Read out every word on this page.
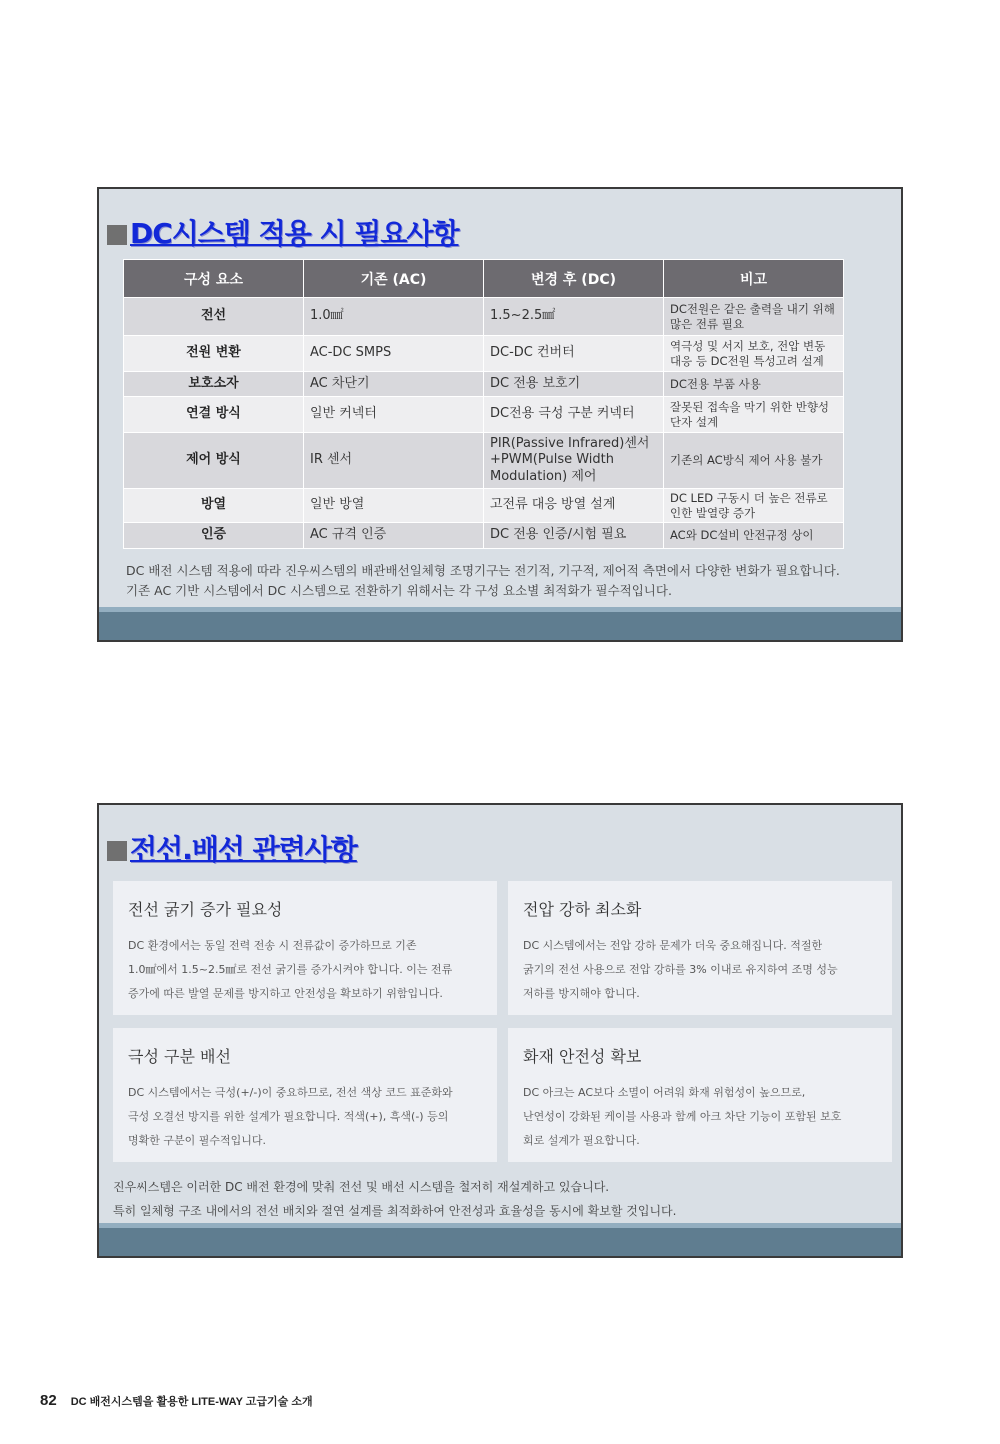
DC시스템 적용 시 필요사항
구성 요소	기존 (AC)	변경 후 (DC)	비고
전선	1.0㎟	1.5~2.5㎟	DC전원은 같은 출력을 내기 위해 많은 전류 필요
전원 변환	AC-DC SMPS	DC-DC 컨버터	역극성 및 서지 보호, 전압 변동 대응 등 DC전원 특성고려 설계
보호소자	AC 차단기	DC 전용 보호기	DC전용 부품 사용
연결 방식	일반 커넥터	DC전용 극성 구분 커넥터	잘못된 접속을 막기 위한 반향성 단자 설계
제어 방식	IR 센서	PIR(Passive Infrared)센서 +PWM(Pulse Width Modulation) 제어	기존의 AC방식 제어 사용 불가
방열	일반 방열	고전류 대응 방열 설계	DC LED 구동시 더 높은 전류로 인한 발열량 증가
인증	AC 규격 인증	DC 전용 인증/시험 필요	AC와 DC설비 안전규정 상이
DC 배전 시스템 적용에 따라 진우씨스템의 배관배선일체형 조명기구는 전기적, 기구적, 제어적 측면에서 다양한 변화가 필요합니다.
기존 AC 기반 시스템에서 DC 시스템으로 전환하기 위해서는 각 구성 요소별 최적화가 필수적입니다.
전선.배선 관련사항
전선 굵기 증가 필요성
DC 환경에서는 동일 전력 전송 시 전류값이 증가하므로 기존
1.0㎟에서 1.5~2.5㎟로 전선 굵기를 증가시켜야 합니다. 이는 전류
증가에 따른 발열 문제를 방지하고 안전성을 확보하기 위함입니다.
전압 강하 최소화
DC 시스템에서는 전압 강하 문제가 더욱 중요해집니다. 적절한
굵기의 전선 사용으로 전압 강하를 3% 이내로 유지하여 조명 성능
저하를 방지해야 합니다.
극성 구분 배선
DC 시스템에서는 극성(+/-)이 중요하므로, 전선 색상 코드 표준화와
극성 오결선 방지를 위한 설계가 필요합니다. 적색(+), 흑색(-) 등의
명확한 구분이 필수적입니다.
화재 안전성 확보
DC 아크는 AC보다 소멸이 어려워 화재 위험성이 높으므로,
난연성이 강화된 케이블 사용과 함께 아크 차단 기능이 포함된 보호
회로 설계가 필요합니다.
진우씨스템은 이러한 DC 배전 환경에 맞춰 전선 및 배선 시스템을 철저히 재설계하고 있습니다.
특히 일체형 구조 내에서의 전선 배치와 절연 설계를 최적화하여 안전성과 효율성을 동시에 확보할 것입니다.
82 DC 배전시스템을 활용한 LITE-WAY 고급기술 소개
